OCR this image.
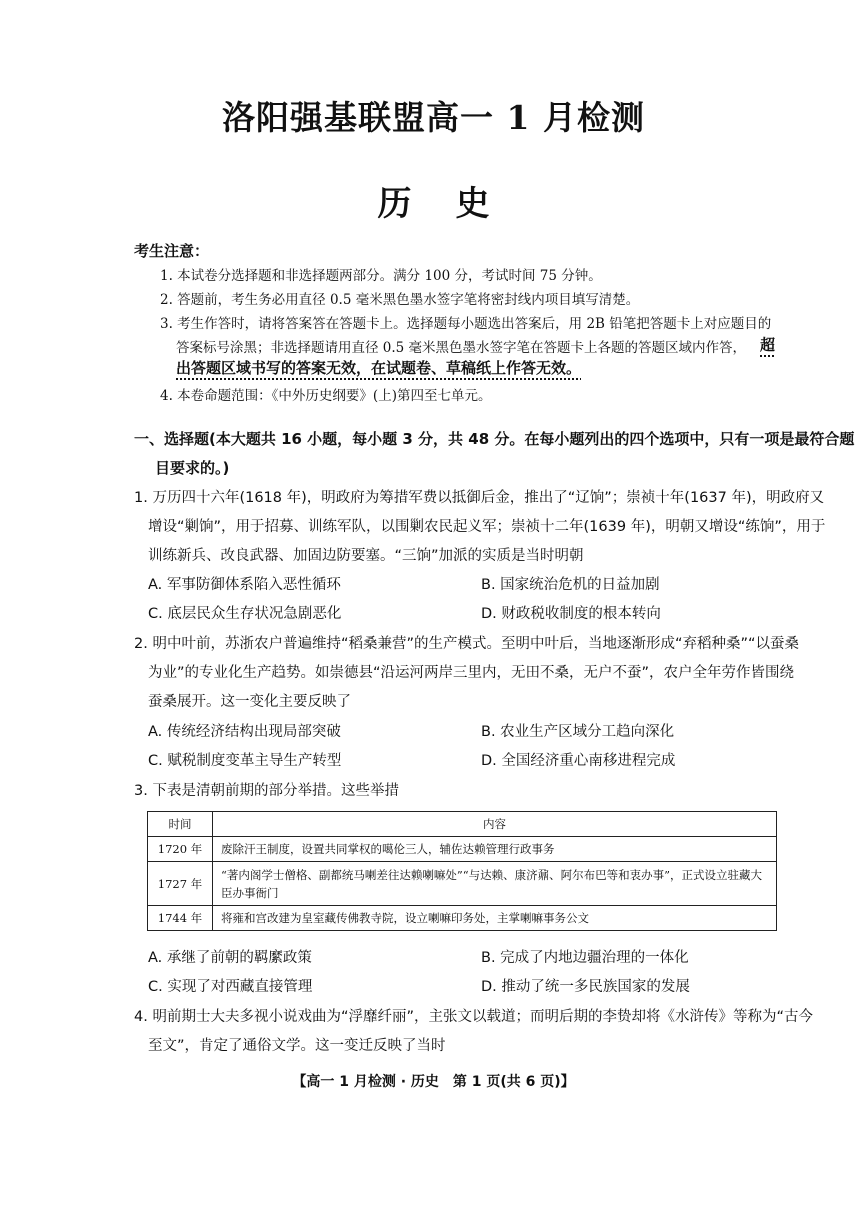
洛阳强基联盟高一 1 月检测
历史
考生注意：
1. 本试卷分选择题和非选择题两部分。满分 100 分，考试时间 75 分钟。
2. 答题前，考生务必用直径 0.5 毫米黑色墨水签字笔将密封线内项目填写清楚。
3. 考生作答时，请将答案答在答题卡上。选择题每小题选出答案后，用 2B 铅笔把答题卡上对应题目的
答案标号涂黑；非选择题请用直径 0.5 毫米黑色墨水签字笔在答题卡上各题的答题区域内作答， 超
出答题区域书写的答案无效，在试题卷、草稿纸上作答无效。
4. 本卷命题范围：《中外历史纲要》(上)第四至七单元。
一、选择题(本大题共 16 小题，每小题 3 分，共 48 分。在每小题列出的四个选项中，只有一项是最符合题
目要求的。)
1. 万历四十六年(1618 年)，明政府为筹措军费以抵御后金，推出了“辽饷”；崇祯十年(1637 年)，明政府又
增设“剿饷”，用于招募、训练军队，以围剿农民起义军；崇祯十二年(1639 年)，明朝又增设“练饷”，用于
训练新兵、改良武器、加固边防要塞。“三饷”加派的实质是当时明朝
A. 军事防御体系陷入恶性循环	B. 国家统治危机的日益加剧
C. 底层民众生存状况急剧恶化	D. 财政税收制度的根本转向
2. 明中叶前，苏浙农户普遍维持“稻桑兼营”的生产模式。至明中叶后，当地逐渐形成“弃稻种桑”“以蚕桑
为业”的专业化生产趋势。如崇德县“沿运河两岸三里内，无田不桑，无户不蚕”，农户全年劳作皆围绕
蚕桑展开。这一变化主要反映了
A. 传统经济结构出现局部突破	B. 农业生产区域分工趋向深化
C. 赋税制度变革主导生产转型	D. 全国经济重心南移进程完成
3. 下表是清朝前期的部分举措。这些举措
时间	内容
1720 年	废除汗王制度，设置共同掌权的噶伦三人，辅佐达赖管理行政事务
1727 年	“著内阁学士僧格、副都统马喇差往达赖喇嘛处”“与达赖、康济鼐、阿尔布巴等和衷办事”，正式设立驻藏大臣办事衙门
1744 年	将雍和宫改建为皇室藏传佛教寺院，设立喇嘛印务处，主掌喇嘛事务公文
A. 承继了前朝的羁縻政策	B. 完成了内地边疆治理的一体化
C. 实现了对西藏直接管理	D. 推动了统一多民族国家的发展
4. 明前期士大夫多视小说戏曲为“浮靡纤丽”，主张文以载道；而明后期的李贽却将《水浒传》等称为“古今
至文”，肯定了通俗文学。这一变迁反映了当时
【高一 1 月检测 · 历史　第 1 页(共 6 页)】
